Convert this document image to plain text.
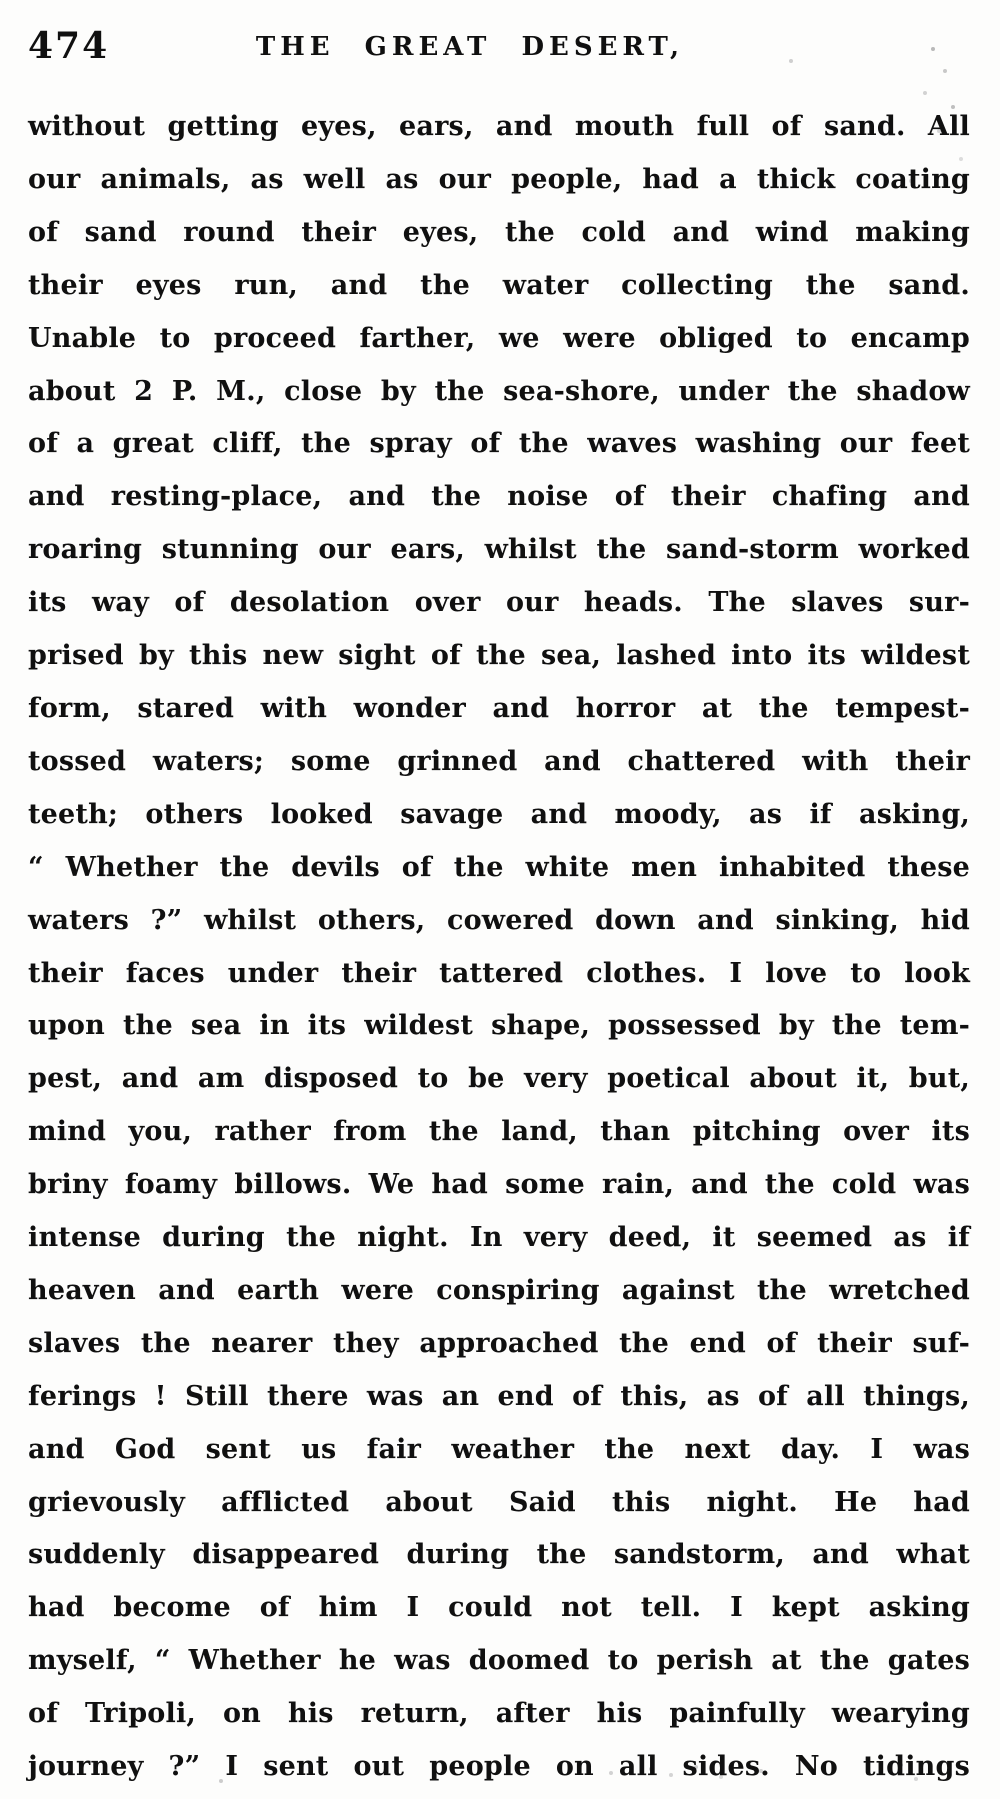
474	THE GREAT DESERT,
without getting eyes, ears, and mouth full of sand. All
our animals, as well as our people, had a thick coating
of sand round their eyes, the cold and wind making
their eyes run, and the water collecting the sand.
Unable to proceed farther, we were obliged to encamp
about 2 P. M., close by the sea-shore, under the shadow
of a great cliff, the spray of the waves washing our feet
and resting-place, and the noise of their chafing and
roaring stunning our ears, whilst the sand-storm worked
its way of desolation over our heads. The slaves sur-
prised by this new sight of the sea, lashed into its wildest
form, stared with wonder and horror at the tempest-
tossed waters; some grinned and chattered with their
teeth; others looked savage and moody, as if asking,
“ Whether the devils of the white men inhabited these
waters ?” whilst others, cowered down and sinking, hid
their faces under their tattered clothes. I love to look
upon the sea in its wildest shape, possessed by the tem-
pest, and am disposed to be very poetical about it, but,
mind you, rather from the land, than pitching over its
briny foamy billows. We had some rain, and the cold was
intense during the night. In very deed, it seemed as if
heaven and earth were conspiring against the wretched
slaves the nearer they approached the end of their suf-
ferings ! Still there was an end of this, as of all things,
and God sent us fair weather the next day. I was
grievously afflicted about Said this night. He had
suddenly disappeared during the sandstorm, and what
had become of him I could not tell. I kept asking
myself, “ Whether he was doomed to perish at the gates
of Tripoli, on his return, after his painfully wearying
journey ?” I sent out people on all sides. No tidings
